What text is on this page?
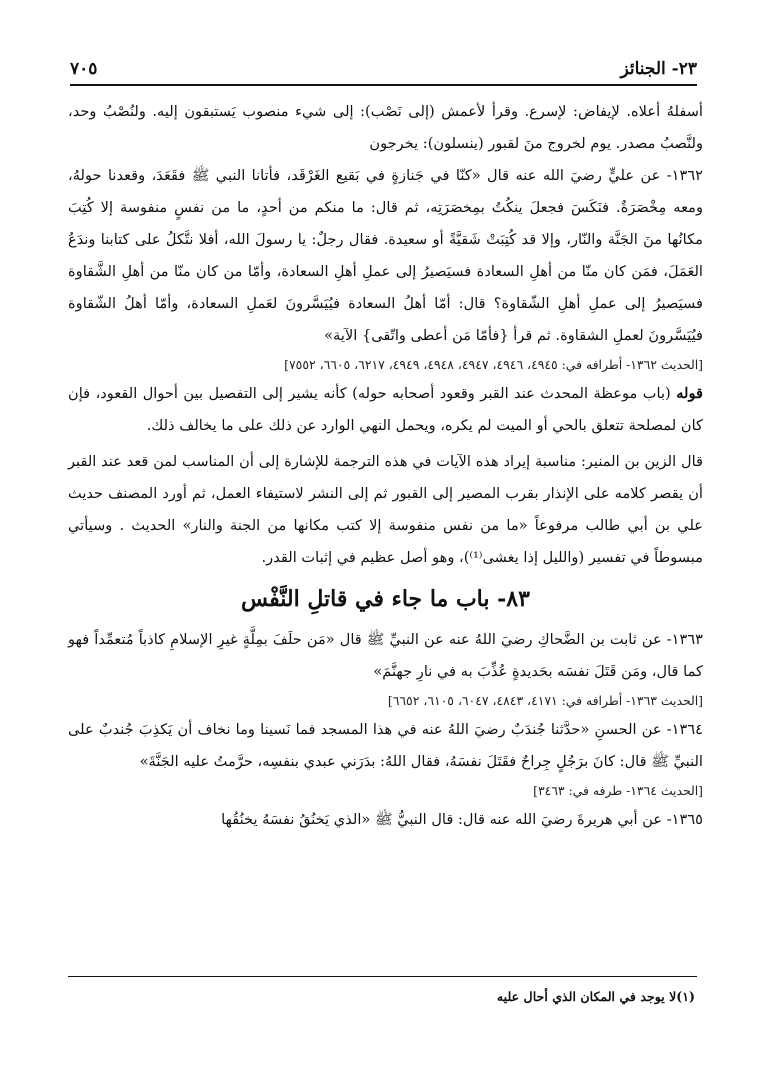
٢٣- الجنائز
٧٠٥

أسفلهُ أعلاه. لإيفاض: لإسرع. وقرأ لأعمش (إلى نَصْب): إلى شيء منصوب يَستبقون إليه. ولنُصْبُ وحد، ولنَّصبُ مصدر. يوم لخروج منَ لقبور (ينسلون): يخرجون

١٣٦٢- عن عليٍّ رضيَ الله عنه قال «كنّا في جَنازةٍ في بَقيع الغَرْقَد، فأتانا النبي ﷺ فقَعَدَ، وقعدنا حولهُ، ومعه مِخْصَرَةٌ. فنَكَسَ فجعلَ ينكُتُ بمِخصَرَتِه، ثم قال: ما منكم من أحدٍ، ما من نفسٍ منفوسة إلا كُتِبَ مكانُها منَ الجَنَّة والنّار، وإلا قد كُتِبَتْ شَقيَّةً أو سعيدة. فقال رجلٌ: يا رسولَ الله، أفلا نتَّكلُ على كتابنا وندَعُ العَمَلَ، فمَن كان منّا من أهلِ السعادة فسيَصيرُ إلى عملِ أهلِ السعادة، وأمّا من كان منّا من أهلِ الشَّقاوة فسيَصيرُ إلى عملِ أهلِ الشّقاوة؟ قال: أمّا أهلُ السعادة فيُيَسَّرونَ لعَملِ السعادة، وأمّا أهلُ الشّقاوة فيُيَسَّرونَ لعملِ الشقاوة. ثم قرأ {فأمّا مَن أعطى واتّقى} الآية»

[الحديث ١٣٦٢- أطرافه في: ٤٩٤٥، ٤٩٤٦، ٤٩٤٧، ٤٩٤٨، ٤٩٤٩، ٦٢١٧، ٦٦٠٥، ٧٥٥٢]

قوله (باب موعظة المحدث عند القبر وقعود أصحابه حوله) كأنه يشير إلى التفصيل بين أحوال القعود، فإن كان لمصلحة تتعلق بالحي أو الميت لم يكره، ويحمل النهي الوارد عن ذلك على ما يخالف ذلك.

قال الزين بن المنير: مناسبة إيراد هذه الآيات في هذه الترجمة للإشارة إلى أن المناسب لمن قعد عند القبر أن يقصر كلامه على الإنذار بقرب المصير إلى القبور ثم إلى النشر لاستيفاء العمل، ثم أورد المصنف حديث علي بن أبي طالب مرفوعاً «ما من نفس منفوسة إلا كتب مكانها من الجنة والنار» الحديث . وسيأتي مبسوطاً في تفسير (والليل إذا يغشى⁽¹⁾)، وهو أصل عظيم في إثبات القدر.

٨٣- باب ما جاء في قاتلِ النَّفْس

١٣٦٣- عن ثابت بن الضَّحاكِ رضيَ اللهُ عنه عن النبيِّ ﷺ قال «مَن حلَفَ بمِلَّةٍ غيرِ الإسلامِ كاذباً مُتعمِّداً فهو كما قال، ومَن قَتَلَ نفسَه بحَديدةٍ عُذِّبَ به في نارِ جهنَّمَ»

[الحديث ١٣٦٣- أطرافه في: ٤١٧١، ٤٨٤٣، ٦٠٤٧، ٦١٠٥، ٦٦٥٢]

١٣٦٤- عن الحسنِ «حدَّثنا جُندَبٌ رضيَ اللهُ عنه في هذا المسجد فما نَسينا وما نخاف أن يَكذِبَ جُندبٌ على النبيِّ ﷺ قال: كانَ برَجُلٍ جِراحٌ فقَتَلَ نفسَهُ، فقال اللهُ: بدَرَني عبدي بنفسِه، حرَّمتُ عليه الجَنَّةَ»

[الحديث ١٣٦٤- طرفه في: ٣٤٦٣]

١٣٦٥- عن أبي هريرةَ رضيَ الله عنه قال: قال النبيُّ ﷺ «الذي يَخنُقُ نفسَهُ يخنُقُها

(١)لا يوجد في المكان الذي أحال عليه
